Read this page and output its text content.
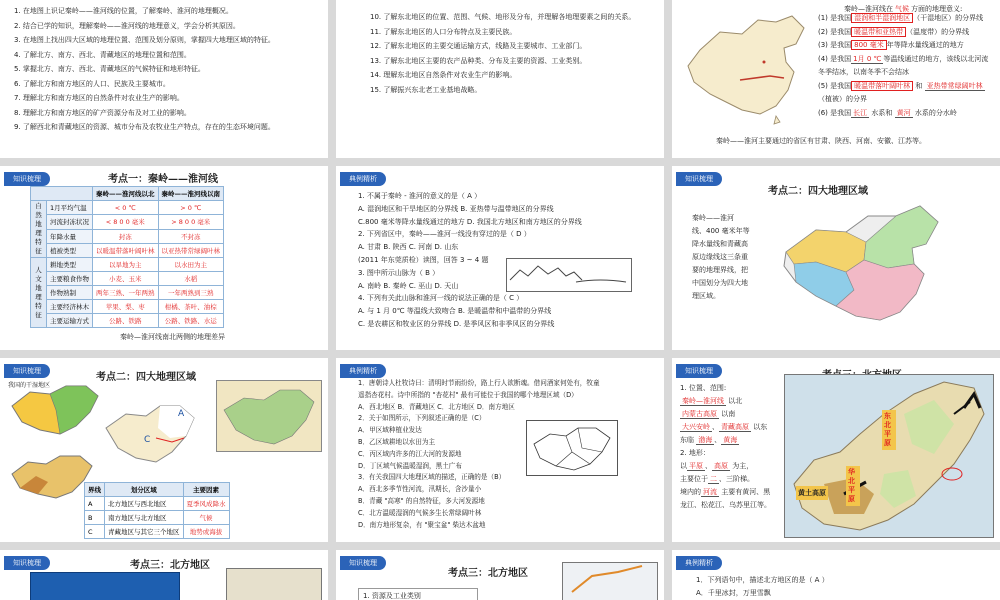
1. 在地图上识记秦岭——淮河线的位置，了解秦岭、淮河的地理概况。
2. 结合已学的知识，理解秦岭——淮河线的地理意义，学会分析其原因。
3. 在地图上找出四大区域的地理位置、范围及划分原则，掌握四大地理区域的特征。
4. 了解北方、南方、西北、青藏地区的地理位置和范围。
5. 掌握北方、南方、西北、青藏地区的气候特征和地形特征。
6. 了解北方和南方地区的人口、民族及主要城市。
7. 理解北方和南方地区的自然条件对农业生产的影响。
8. 理解北方和南方地区的矿产资源分布及对工业的影响。
9. 了解西北和青藏地区的资源、城市分布及农牧业生产特点，存在的生态环境问题。
10. 了解东北地区的位置、范围、气候、地形及分布，并理解各地理要素之间的关系。
11. 了解东北地区的人口分布特点及主要民族。
12. 了解东北地区的主要交通运输方式，线路及主要城市、工业部门。
13. 了解东北地区主要的农产品种类、分布及主要的资源、工业类别。
14. 理解东北地区自然条件对农业生产的影响。
15. 了解振兴东北老工业基地战略。
秦岭—淮河线在 气候 方面的地理意义:
(1) 是我国 湿润和半湿润地区 （干湿地区）的分界线
(2) 是我国 暖温带和亚热带 （温度带）的分界线
(3) 是我国 800 毫米 年等降水量线通过的地方
(4) 是我国 1月 0 ℃ 等温线通过的地方，该线以北河流
冬季结冰，以南冬季不会结冰
(5) 是我国 暖温带落叶阔叶林 和 亚热带常绿阔叶林
（植被）的分界
(6) 是我国 长江 水系和 黄河 水系的分水岭
秦岭——淮河主要通过的省区有甘肃、陕西、河南、安徽、江苏等。
知识梳理	考点一：秦岭——淮河线
		秦岭——淮河线以北	秦岭——淮河线以南
自然地理特征	1月平均气温	< 0 ℃	> 0 ℃
	河流封冻状况	< 8 0 0 毫米	> 8 0 0 毫米
	年降水量	封冻	不封冻
	植被类型	以暖温带落叶阔叶林	以亚热带常绿阔叶林
人文地理特征	耕地类型	以旱地为主	以水田为主
	主要粮食作物	小麦、玉米	水稻
	作物熟制	两年三熟、一年两熟	一年两熟到三熟
	主要经济林木	苹果、梨、枣	柑橘、茶叶、油棕
	主要运输方式	公路、铁路	公路、铁路、水运
秦岭—淮河线南北两侧的地理差异
典例精析
1. 不属于秦岭 - 淮河的意义的是（ A ）
A. 湿润地区和干旱地区的分界线 B. 亚热带与温带地区的分界线
C.800 毫米等降水量线通过的地方 D. 我国北方地区和南方地区的分界线
2. 下列省区中，秦岭——淮河一线没有穿过的是（ D ）
A. 甘肃 B. 陕西 C. 河南 D. 山东
(2011 年东莞质检）读图，回答 3 ~ 4 题
3. 图中所示山脉为（ B ）
A. 南岭 B. 秦岭 C. 巫山 D. 天山
4. 下列有关此山脉和淮河一线的说法正确的是（ C ）
A. 与 1 月 0℃ 等温线大致吻合 B. 是暖温带和中温带的分界线
C. 是农耕区和牧业区的分界线 D. 是季风区和非季风区的分界线
知识梳理
考点二：四大地理区域
秦岭——淮河
线、400 毫米年等
降水量线和青藏高
原边缘线这三条重
要的地理界线，把
中国划分为四大地
理区域。
知识梳理
考点二：四大地理区域
我国的干湿地区
C
A
界线	划分区域	主要因素
A	北方地区与西北地区	夏季风成降水
B	南方地区与北方地区	气候
C	青藏地区与其它三个地区	地势或海拔
典例精析
1．唐朝诗人杜牧诗曰：清明时节雨纷纷，路上行人欲断魂。借问酒家何处有，牧童
遥指杏花村。诗中所指的 "杏花村" 最有可能位于我国的哪个地理区域（D）
A．西北地区 B．青藏地区 C．北方地区 D．南方地区
2．关于如图所示，下列叙述正确的是（C）
A．甲区域种植业发达
B．乙区域耕地以水田为主
C．丙区域内许多的江大河的发源地
D．丁区域气候温暖湿润，黑土广布
3．有关我国四大地理区域的描述，正确的是（B）
A．西北多季节性河流，汛期长，含沙量小
B．青藏 "高寒" 的自然特征，多大河发源地
C．北方温暖湿润的气候多生长常绿阔叶林
D．南方地形复杂，有 "聚宝盆" 柴达木盆地
知识梳理
1. 位置、范围:
秦岭—淮河线 以北
内蒙古高原 以南
大兴安岭 、 青藏高原 以东
东临 渤海 、 黄海
2. 地形：
以 平原 、 高原 为主，
主要位于 二 、三阶梯。
境内的 河流 主要有黄河、黑
龙江、松花江、乌苏里江等。
东北平原
黄土高原
华北平原
知识梳理	考点三：北方地区	知识梳理
考点三：北方地区
1. 资源及工业类别
典例精析
1．下列语句中，描述北方地区的是（ A ）
A．千里冰封，万里雪飘
